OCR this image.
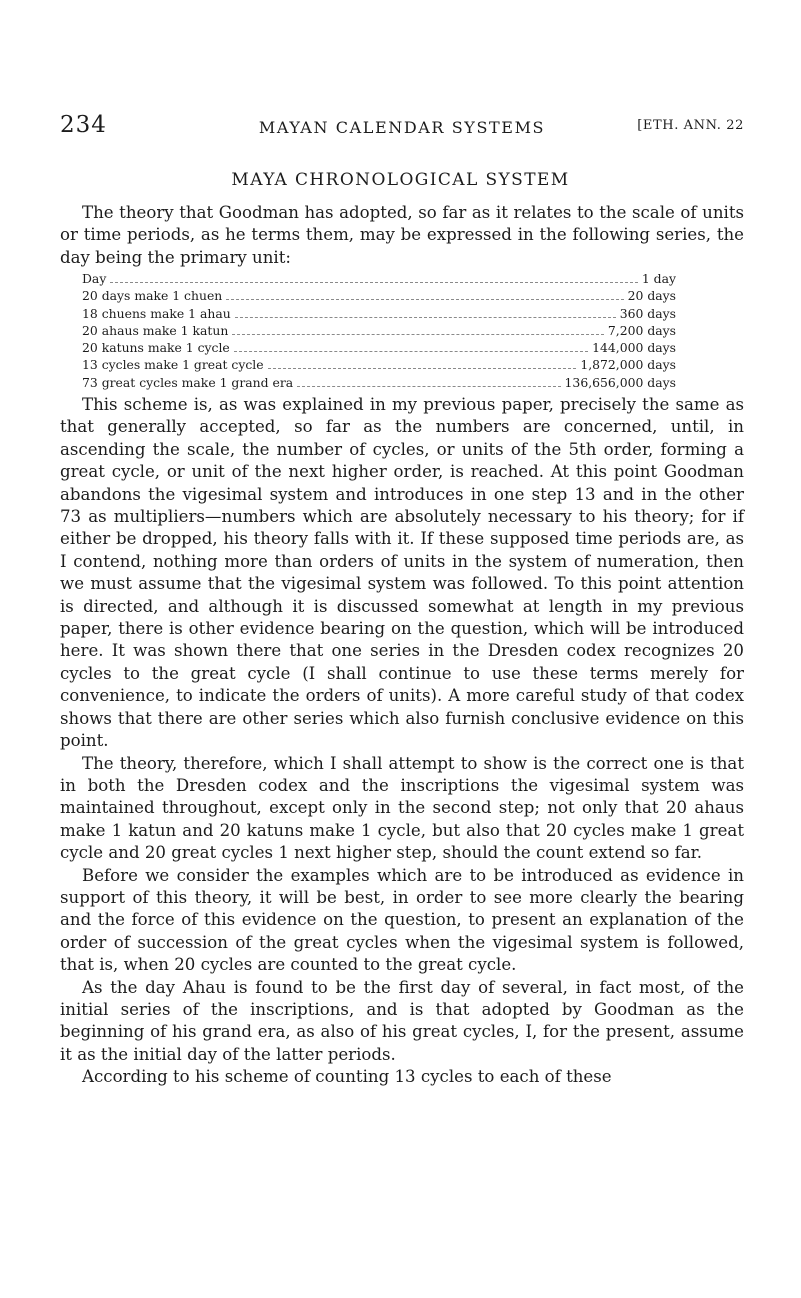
234	MAYAN CALENDAR SYSTEMS	[ETH. ANN. 22
MAYA CHRONOLOGICAL SYSTEM

The theory that Goodman has adopted, so far as it relates to the scale of units or time periods, as he terms them, may be expressed in the following series, the day being the primary unit:

Day	1 day
20 days make 1 chuen	20 days
18 chuens make 1 ahau	360 days
20 ahaus make 1 katun	7,200 days
20 katuns make 1 cycle	144,000 days
13 cycles make 1 great cycle	1,872,000 days
73 great cycles make 1 grand era	136,656,000 days

This scheme is, as was explained in my previous paper, precisely the same as that generally accepted, so far as the numbers are concerned, until, in ascending the scale, the number of cycles, or units of the 5th order, forming a great cycle, or unit of the next higher order, is reached. At this point Goodman abandons the vigesimal system and introduces in one step 13 and in the other 73 as multipliers—numbers which are absolutely necessary to his theory; for if either be dropped, his theory falls with it. If these supposed time periods are, as I contend, nothing more than orders of units in the system of numeration, then we must assume that the vigesimal system was followed. To this point attention is directed, and although it is discussed somewhat at length in my previous paper, there is other evidence bearing on the question, which will be introduced here. It was shown there that one series in the Dresden codex recognizes 20 cycles to the great cycle (I shall continue to use these terms merely for convenience, to indicate the orders of units). A more careful study of that codex shows that there are other series which also furnish conclusive evidence on this point.

The theory, therefore, which I shall attempt to show is the correct one is that in both the Dresden codex and the inscriptions the vigesimal system was maintained throughout, except only in the second step; not only that 20 ahaus make 1 katun and 20 katuns make 1 cycle, but also that 20 cycles make 1 great cycle and 20 great cycles 1 next higher step, should the count extend so far.

Before we consider the examples which are to be introduced as evidence in support of this theory, it will be best, in order to see more clearly the bearing and the force of this evidence on the question, to present an explanation of the order of succession of the great cycles when the vigesimal system is followed, that is, when 20 cycles are counted to the great cycle.

As the day Ahau is found to be the first day of several, in fact most, of the initial series of the inscriptions, and is that adopted by Goodman as the beginning of his grand era, as also of his great cycles, I, for the present, assume it as the initial day of the latter periods.

According to his scheme of counting 13 cycles to each of these
